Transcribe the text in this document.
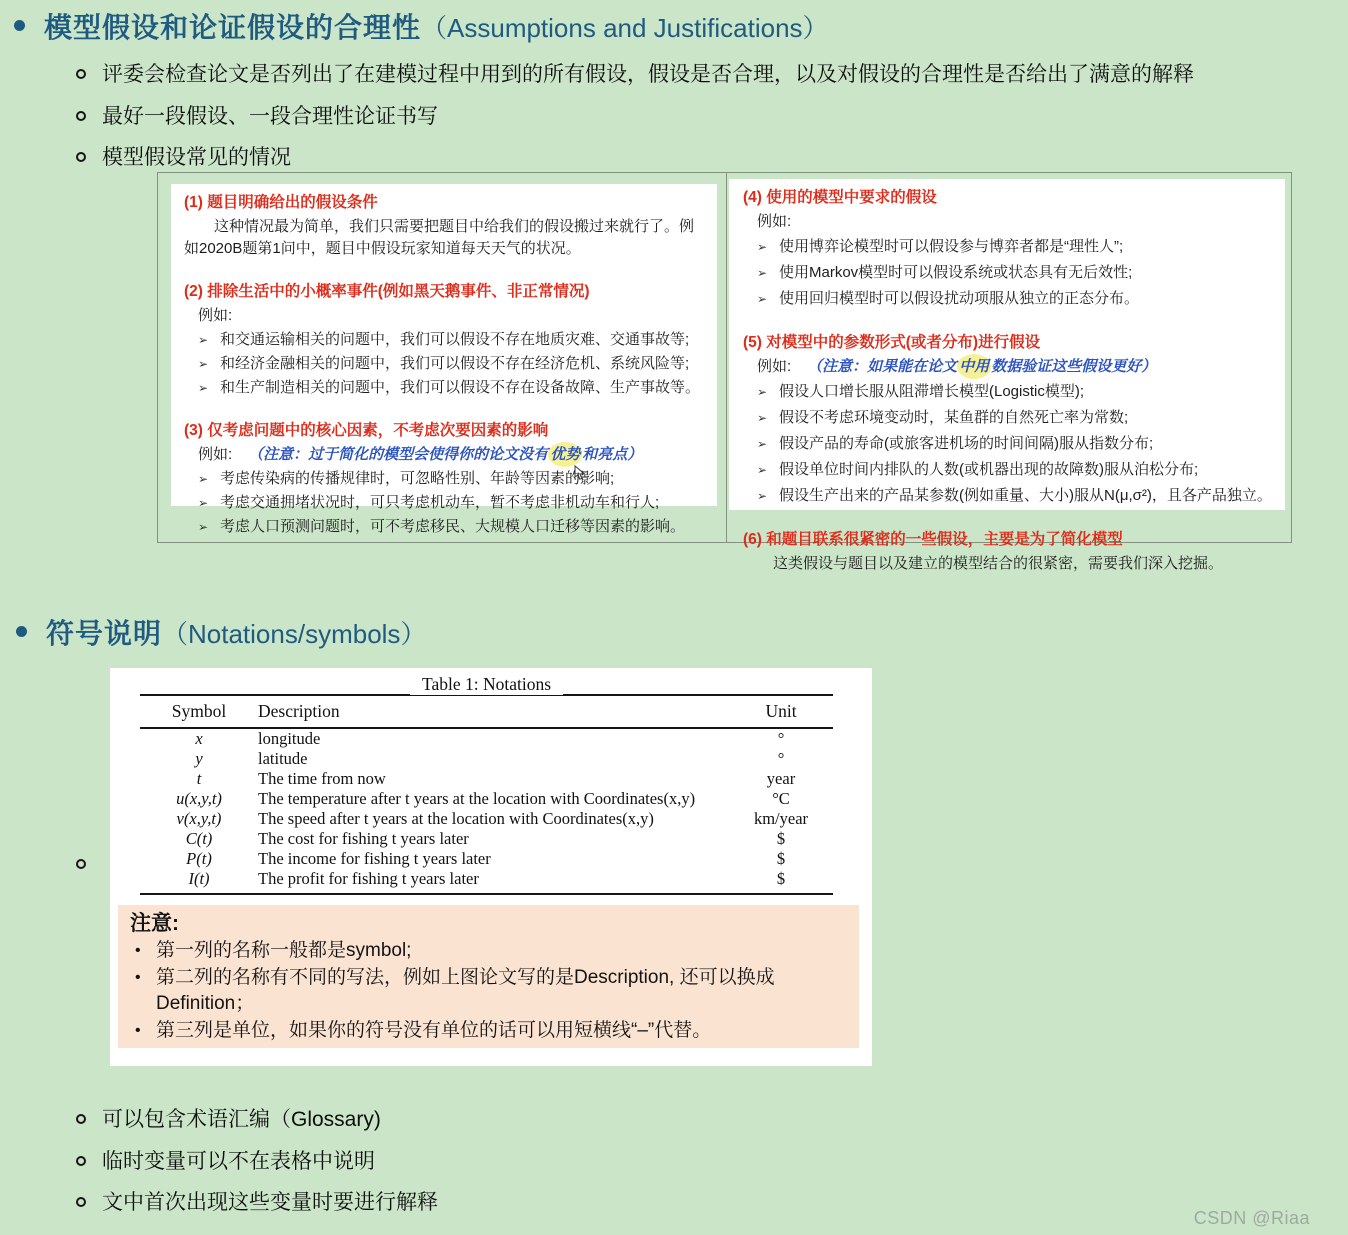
模型假设和论证假设的合理性（Assumptions and Justifications）
评委会检查论文是否列出了在建模过程中用到的所有假设，假设是否合理，以及对假设的合理性是否给出了满意的解释
最好一段假设、一段合理性论证书写
模型假设常见的情况
(1) 题目明确给出的假设条件

这种情况最为简单，我们只需要把题目中给我们的假设搬过来就行了。例如2020B题第1问中，题目中假设玩家知道每天天气的状况。

(2) 排除生活中的小概率事件(例如黑天鹅事件、非正常情况)
例如:
➢ 和交通运输相关的问题中，我们可以假设不存在地质灾难、交通事故等;
➢ 和经济金融相关的问题中，我们可以假设不存在经济危机、系统风险等;
➢ 和生产制造相关的问题中，我们可以假设不存在设备故障、生产事故等。
(3) 仅考虑问题中的核心因素，不考虑次要因素的影响
例如: （注意：过于简化的模型会使得你的论文没有 优势 和亮点）
➢ 考虑传染病的传播规律时，可忽略性别、年龄等因素的影响;
➢ 考虑交通拥堵状况时，可只考虑机动车，暂不考虑非机动车和行人;
➢ 考虑人口预测问题时，可不考虑移民、大规模人口迁移等因素的影响。
(4) 使用的模型中要求的假设
例如:
➢ 使用博弈论模型时可以假设参与博弈者都是“理性人”;
➢ 使用Markov模型时可以假设系统或状态具有无后效性;
➢ 使用回归模型时可以假设扰动项服从独立的正态分布。
(5) 对模型中的参数形式(或者分布)进行假设
例如: （注意：如果能在论文 中用 数据验证这些假设更好）
➢ 假设人口增长服从阻滞增长模型(Logistic模型);
➢ 假设不考虑环境变动时，某鱼群的自然死亡率为常数;
➢ 假设产品的寿命(或旅客进机场的时间间隔)服从指数分布;
➢ 假设单位时间内排队的人数(或机器出现的故障数)服从泊松分布;
➢ 假设生产出来的产品某参数(例如重量、大小)服从N(μ,σ²)，且各产品独立。
(6) 和题目联系很紧密的一些假设，主要是为了简化模型

这类假设与题目以及建立的模型结合的很紧密，需要我们深入挖掘。

符号说明（Notations/symbols）
Table 1: Notations
Symbol	Description	Unit
x	longitude	°
y	latitude	°
t	The time from now	year
u(x,y,t)	The temperature after t years at the location with Coordinates(x,y)	°C
v(x,y,t)	The speed after t years at the location with Coordinates(x,y)	km/year
C(t)	The cost for fishing t years later	$
P(t)	The income for fishing t years later	$
I(t)	The profit for fishing t years later	$
注意:
• 第一列的名称一般都是symbol;
• 第二列的名称有不同的写法，例如上图论文写的是Description, 还可以换成Definition；
• 第三列是单位，如果你的符号没有单位的话可以用短横线“–”代替。
可以包含术语汇编（Glossary)
临时变量可以不在表格中说明
文中首次出现这些变量时要进行解释
CSDN @Riaa
